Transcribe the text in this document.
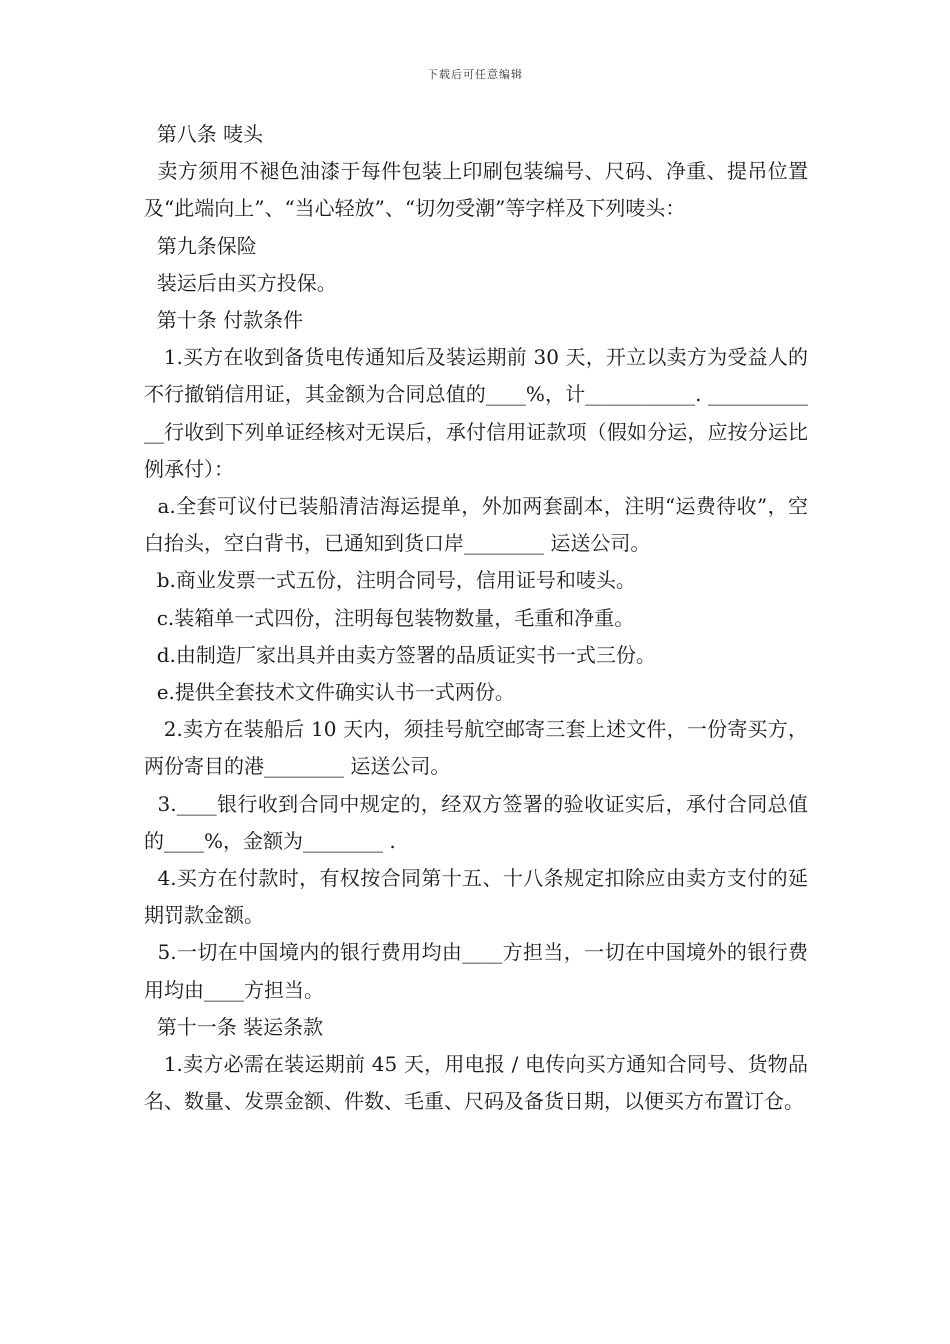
下载后可任意编辑

第八条 唛头

卖方须用不褪色油漆于每件包装上印刷包装编号、尺码、净重、提吊位置及“此端向上”、“当心轻放”、“切勿受潮”等字样及下列唛头：

第九条保险

装运后由买方投保。

第十条 付款条件

1.买方在收到备货电传通知后及装运期前 30 天，开立以卖方为受益人的不行撤销信用证，其金额为合同总值的____%，计___________. ____________行收到下列单证经核对无误后，承付信用证款项（假如分运，应按分运比例承付）：

a.全套可议付已装船清洁海运提单，外加两套副本，注明“运费待收”，空白抬头，空白背书，已通知到货口岸________ 运送公司。

b.商业发票一式五份，注明合同号，信用证号和唛头。

c.装箱单一式四份，注明每包装物数量，毛重和净重。

d.由制造厂家出具并由卖方签署的品质证实书一式三份。

e.提供全套技术文件确实认书一式两份。

2.卖方在装船后 10 天内，须挂号航空邮寄三套上述文件，一份寄买方，两份寄目的港________ 运送公司。

3.____银行收到合同中规定的，经双方签署的验收证实后，承付合同总值的____%，金额为________ .

4.买方在付款时，有权按合同第十五、十八条规定扣除应由卖方支付的延期罚款金额。

5.一切在中国境内的银行费用均由____方担当，一切在中国境外的银行费用均由____方担当。

第十一条 装运条款

1.卖方必需在装运期前 45 天，用电报 / 电传向买方通知合同号、货物品名、数量、发票金额、件数、毛重、尺码及备货日期，以便买方布置订仓。
